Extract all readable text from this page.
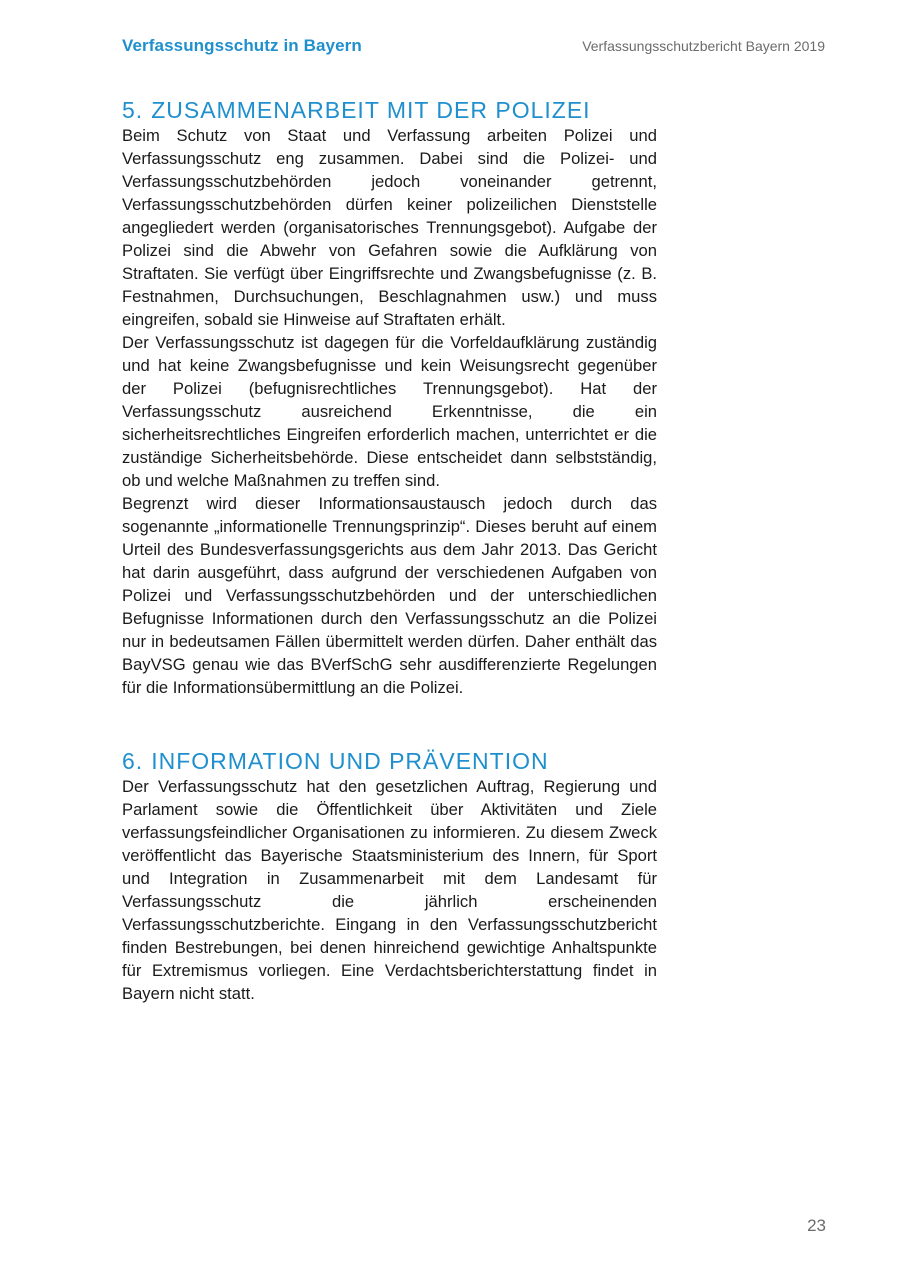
Verfassungsschutz in Bayern	Verfassungsschutzbericht Bayern 2019
5. ZUSAMMENARBEIT MIT DER POLIZEI

Beim Schutz von Staat und Verfassung arbeiten Polizei und Verfassungsschutz eng zusammen. Dabei sind die Polizei- und Verfassungsschutzbehörden jedoch voneinander getrennt, Verfassungsschutzbehörden dürfen keiner polizeilichen Dienststelle angegliedert werden (organisatorisches Trennungsgebot). Aufgabe der Polizei sind die Abwehr von Gefahren sowie die Aufklärung von Straftaten. Sie verfügt über Eingriffsrechte und Zwangsbefugnisse (z. B. Festnahmen, Durchsuchungen, Beschlagnahmen usw.) und muss eingreifen, sobald sie Hinweise auf Straftaten erhält.

Der Verfassungsschutz ist dagegen für die Vorfeldaufklärung zuständig und hat keine Zwangsbefugnisse und kein Weisungsrecht gegenüber der Polizei (befugnisrechtliches Trennungsgebot). Hat der Verfassungsschutz ausreichend Erkenntnisse, die ein sicherheitsrechtliches Eingreifen erforderlich machen, unterrichtet er die zuständige Sicherheitsbehörde. Diese entscheidet dann selbstständig, ob und welche Maßnahmen zu treffen sind.

Begrenzt wird dieser Informationsaustausch jedoch durch das sogenannte „informationelle Trennungsprinzip“. Dieses beruht auf einem Urteil des Bundesverfassungsgerichts aus dem Jahr 2013. Das Gericht hat darin ausgeführt, dass aufgrund der verschiedenen Aufgaben von Polizei und Verfassungsschutzbehörden und der unterschiedlichen Befugnisse Informationen durch den Verfassungsschutz an die Polizei nur in bedeutsamen Fällen übermittelt werden dürfen. Daher enthält das BayVSG genau wie das BVerfSchG sehr ausdifferenzierte Regelungen für die Informationsübermittlung an die Polizei.

6. INFORMATION UND PRÄVENTION

Der Verfassungsschutz hat den gesetzlichen Auftrag, Regierung und Parlament sowie die Öffentlichkeit über Aktivitäten und Ziele verfassungsfeindlicher Organisationen zu informieren. Zu diesem Zweck veröffentlicht das Bayerische Staatsministerium des Innern, für Sport und Integration in Zusammenarbeit mit dem Landesamt für Verfassungsschutz die jährlich erscheinenden Verfassungsschutzberichte. Eingang in den Verfassungsschutzbericht finden Bestrebungen, bei denen hinreichend gewichtige Anhaltspunkte für Extremismus vorliegen. Eine Verdachtsberichterstattung findet in Bayern nicht statt.

23
